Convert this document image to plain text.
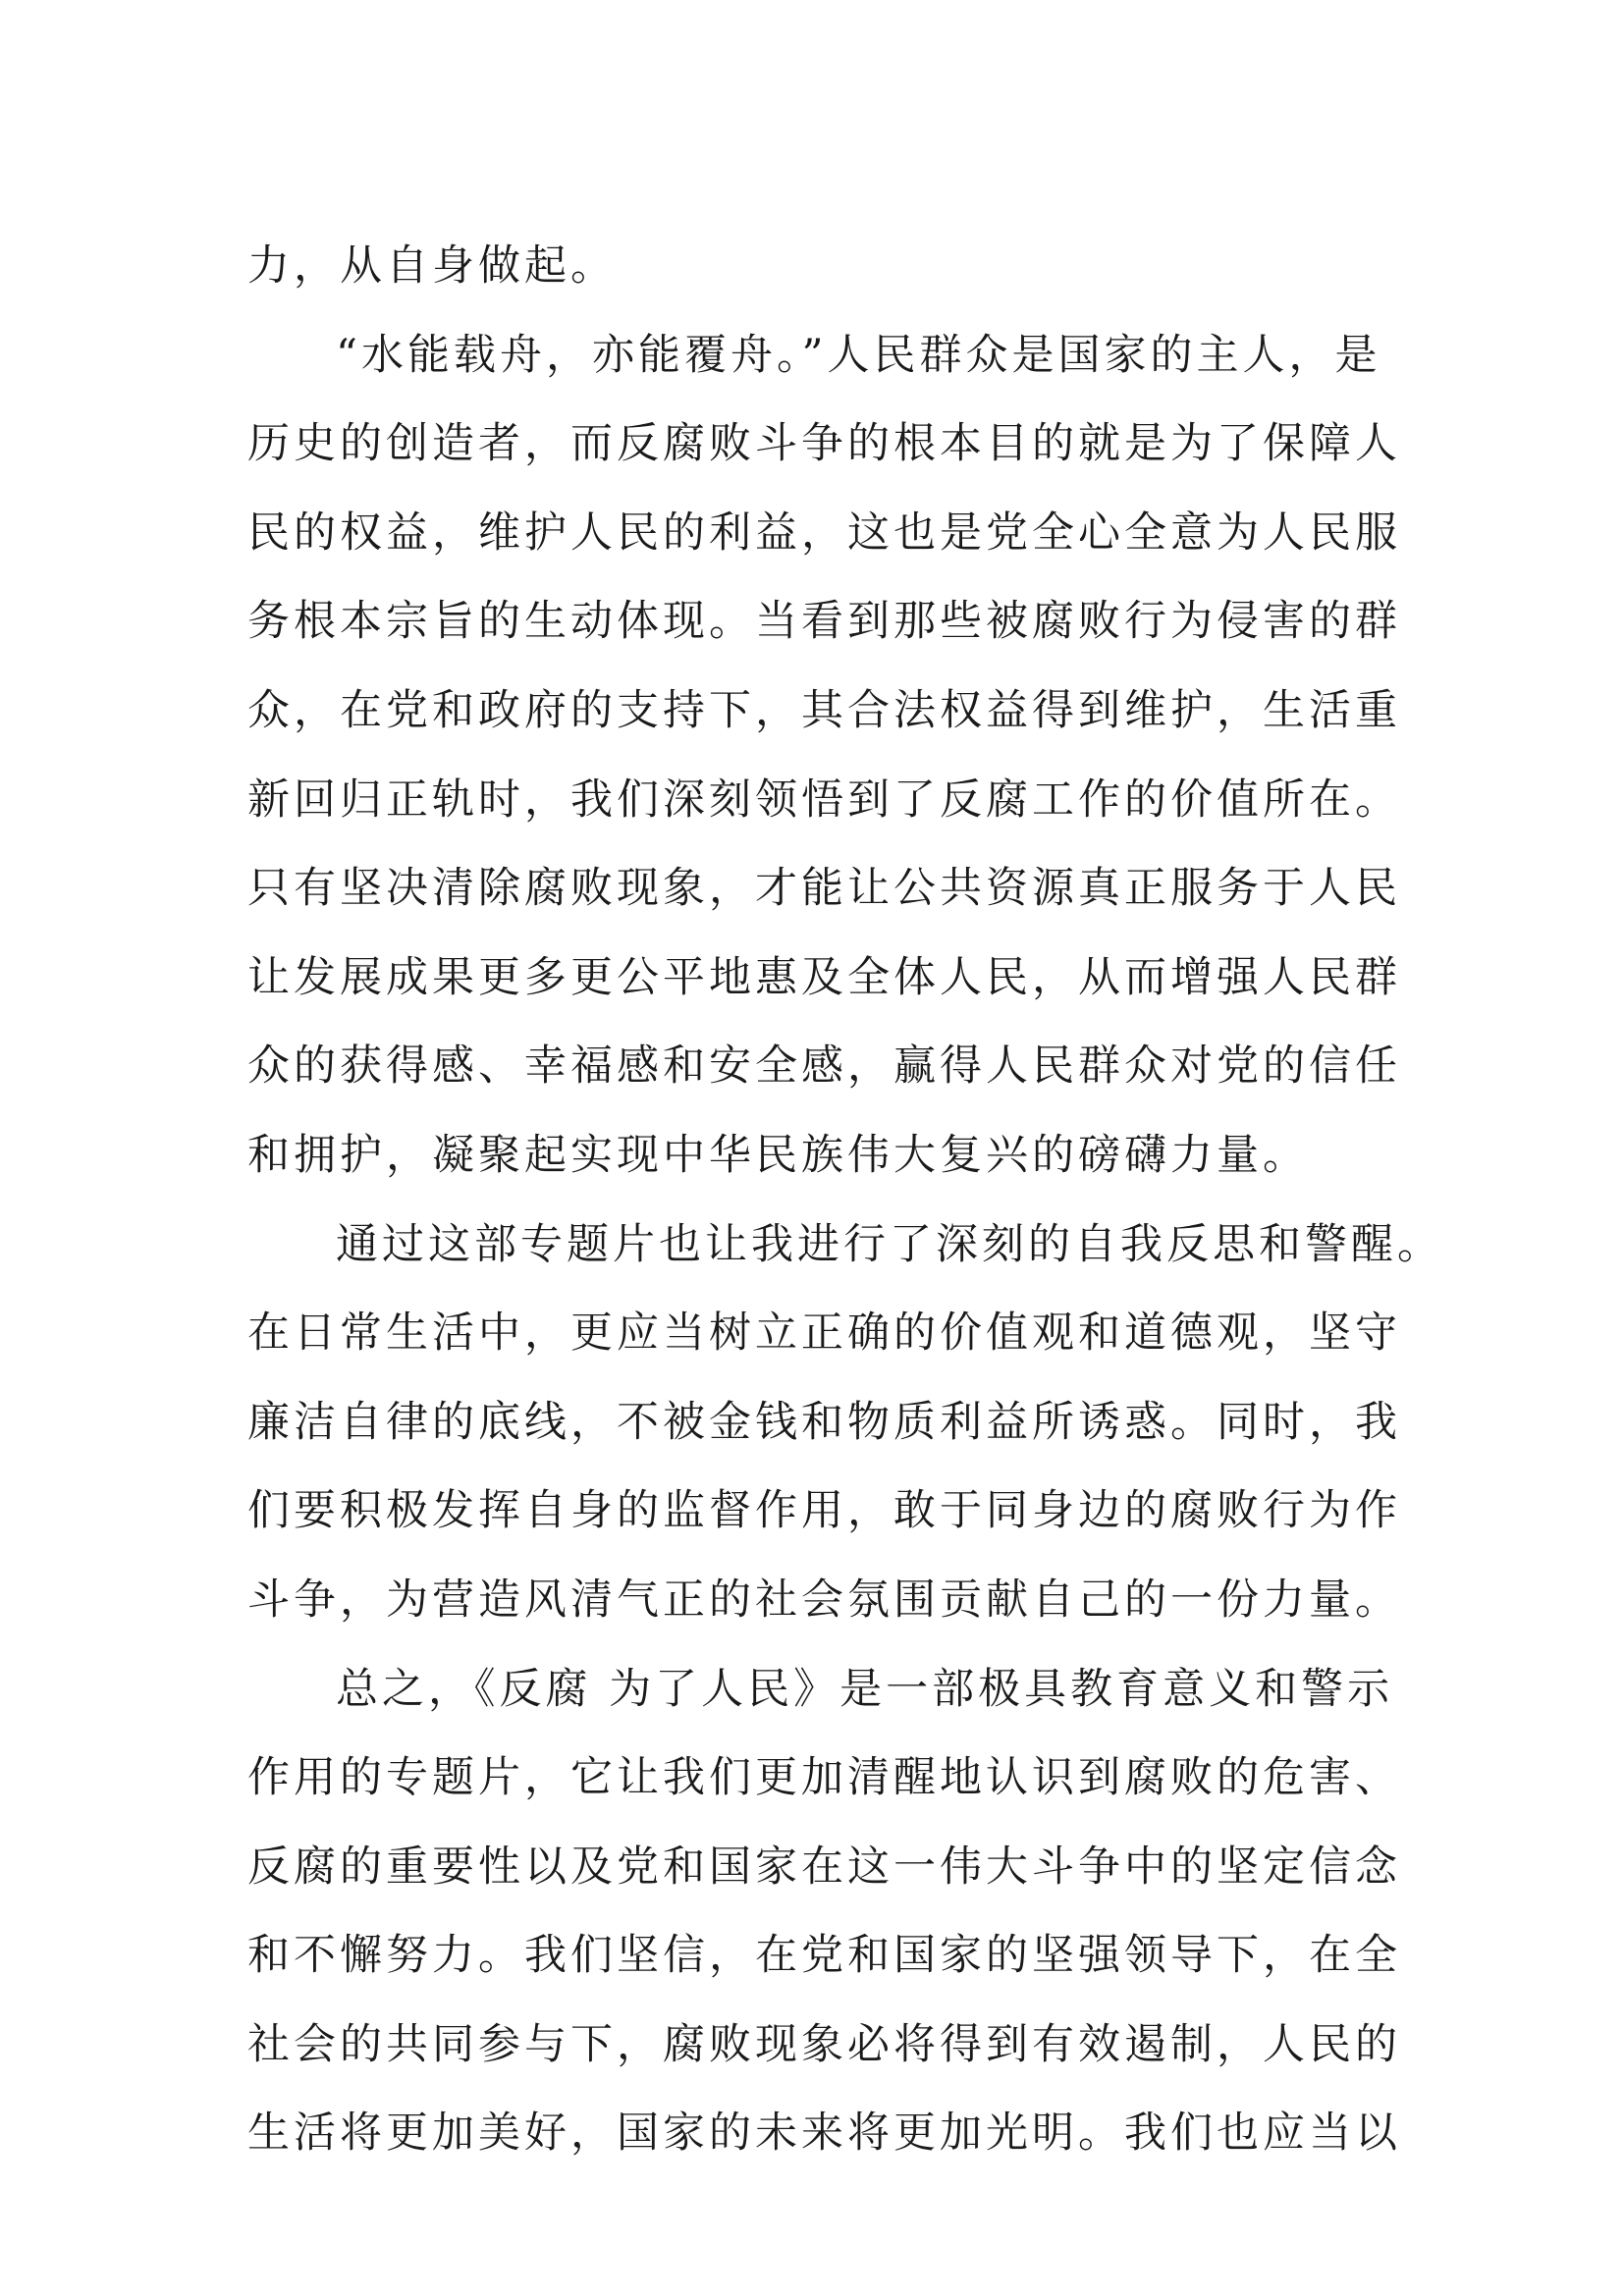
力，从自身做起。
“水能载舟，亦能覆舟。”人民群众是国家的主人，是
历史的创造者，而反腐败斗争的根本目的就是为了保障人
民的权益，维护人民的利益，这也是党全心全意为人民服
务根本宗旨的生动体现。当看到那些被腐败行为侵害的群
众，在党和政府的支持下，其合法权益得到维护，生活重
新回归正轨时，我们深刻领悟到了反腐工作的价值所在。
只有坚决清除腐败现象，才能让公共资源真正服务于人民
让发展成果更多更公平地惠及全体人民，从而增强人民群
众的获得感、幸福感和安全感，赢得人民群众对党的信任
和拥护，凝聚起实现中华民族伟大复兴的磅礴力量。
通过这部专题片也让我进行了深刻的自我反思和警醒。
在日常生活中，更应当树立正确的价值观和道德观，坚守
廉洁自律的底线，不被金钱和物质利益所诱惑。同时，我
们要积极发挥自身的监督作用，敢于同身边的腐败行为作
斗争，为营造风清气正的社会氛围贡献自己的一份力量。
总之，《反腐 为了人民》是一部极具教育意义和警示
作用的专题片，它让我们更加清醒地认识到腐败的危害、
反腐的重要性以及党和国家在这一伟大斗争中的坚定信念
和不懈努力。我们坚信，在党和国家的坚强领导下，在全
社会的共同参与下，腐败现象必将得到有效遏制，人民的
生活将更加美好，国家的未来将更加光明。我们也应当以
